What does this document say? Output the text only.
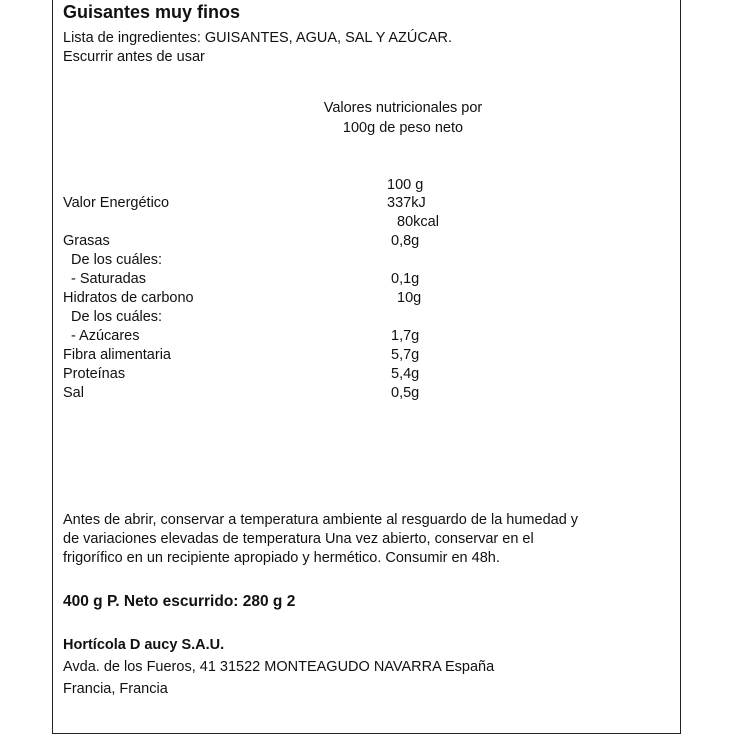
Guisantes muy finos
Lista de ingredientes: GUISANTES, AGUA, SAL Y AZÚCAR.
Escurrir antes de usar
Valores nutricionales por
100g de peso neto
100 g
Valor Energético	337kJ
80kcal
Grasas	0,8g
De los cuáles:
- Saturadas	0,1g
Hidratos de carbono	10g
De los cuáles:
- Azúcares	1,7g
Fibra alimentaria	5,7g
Proteínas	5,4g
Sal	0,5g
Antes de abrir, conservar a temperatura ambiente al resguardo de la humedad y
de variaciones elevadas de temperatura Una vez abierto, conservar en el
frigorífico en un recipiente apropiado y hermético. Consumir en 48h.
400 g P. Neto escurrido: 280 g 2
Hortícola D aucy S.A.U.
Avda. de los Fueros, 41 31522 MONTEAGUDO NAVARRA España
Francia, Francia
